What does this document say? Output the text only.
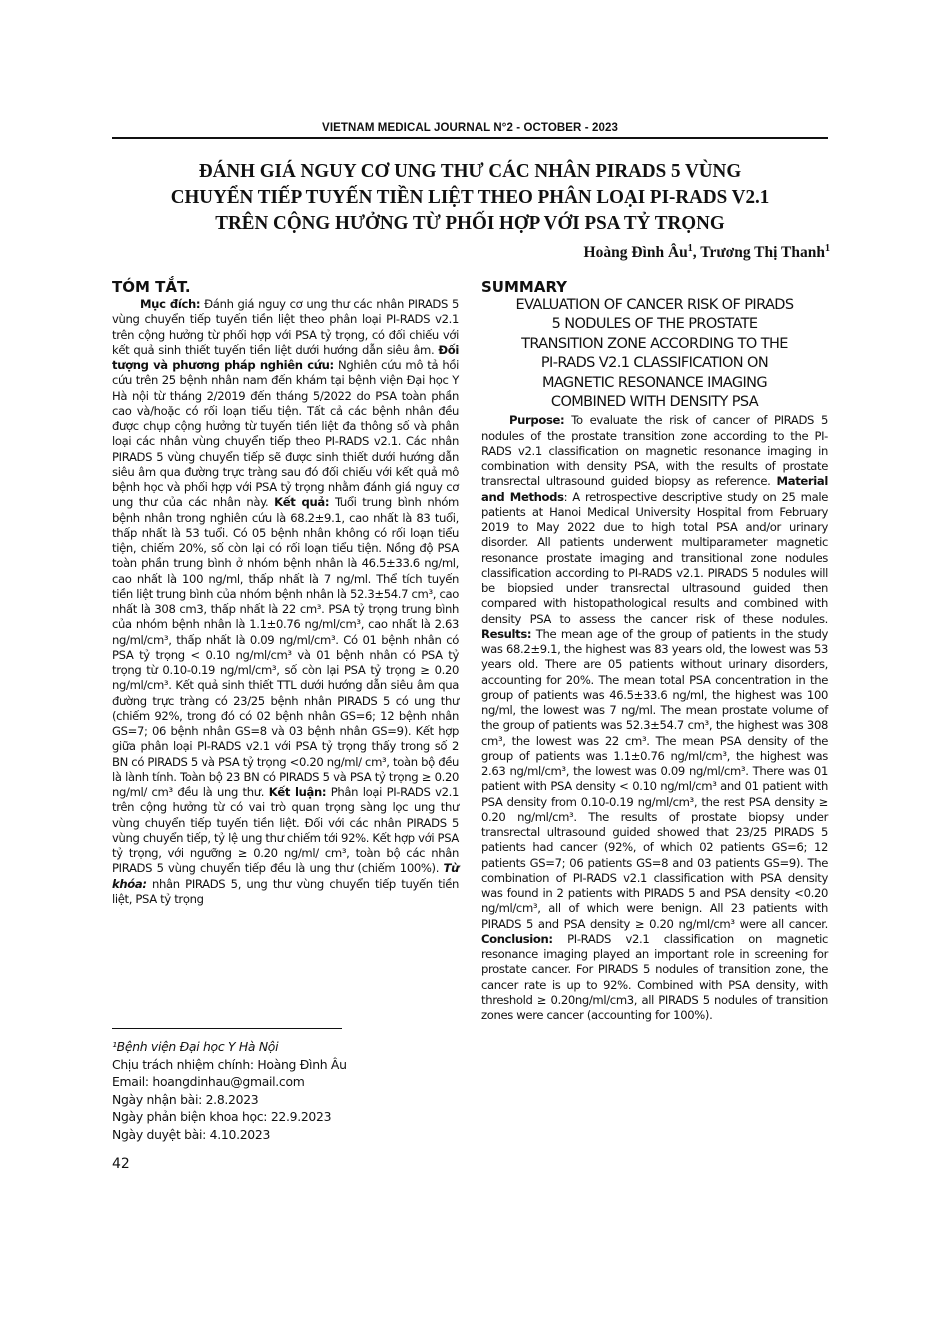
VIETNAM MEDICAL JOURNAL N°2 - OCTOBER - 2023
ĐÁNH GIÁ NGUY CƠ UNG THƯ CÁC NHÂN PIRADS 5 VÙNG
CHUYỂN TIẾP TUYẾN TIỀN LIỆT THEO PHÂN LOẠI PI-RADS V2.1
TRÊN CỘNG HƯỞNG TỪ PHỐI HỢP VỚI PSA TỶ TRỌNG
Hoàng Đình $Âu^1$, Trương Thị Thanh$^1$
TÓM TẮT.

Mục đích: Đánh giá nguy cơ ung thư các nhân PIRADS 5 vùng chuyển tiếp tuyến tiền liệt theo phân loại PI-RADS v2.1 trên cộng hưởng từ phối hợp với PSA tỷ trọng, có đối chiếu với kết quả sinh thiết tuyến tiền liệt dưới hướng dẫn siêu âm. Đối tượng và phương pháp nghiên cứu: Nghiên cứu mô tả hồi cứu trên 25 bệnh nhân nam đến khám tại bệnh viện Đại học Y Hà nội từ tháng 2/2019 đến tháng 5/2022 do PSA toàn phần cao và/hoặc có rối loạn tiểu tiện. Tất cả các bệnh nhân đều được chụp cộng hưởng từ tuyến tiền liệt đa thông số và phân loại các nhân vùng chuyển tiếp theo PI-RADS v2.1. Các nhân PIRADS 5 vùng chuyển tiếp sẽ được sinh thiết dưới hướng dẫn siêu âm qua đường trực tràng sau đó đối chiếu với kết quả mô bệnh học và phối hợp với PSA tỷ trọng nhằm đánh giá nguy cơ ung thư của các nhân này. Kết quả: Tuổi trung bình nhóm bệnh nhân trong nghiên cứu là 68.2±9.1, cao nhất là 83 tuổi, thấp nhất là 53 tuổi. Có 05 bệnh nhân không có rối loạn tiểu tiện, chiếm 20%, số còn lại có rối loạn tiểu tiện. Nồng độ PSA toàn phần trung bình ở nhóm bệnh nhân là 46.5±33.6 ng/ml, cao nhất là 100 ng/ml, thấp nhất là 7 ng/ml. Thể tích tuyến tiền liệt trung bình của nhóm bệnh nhân là 52.3±54.7 cm³, cao nhất là 308 cm3, thấp nhất là 22 cm³. PSA tỷ trọng trung bình của nhóm bệnh nhân là 1.1±0.76 ng/ml/cm³, cao nhất là 2.63 ng/ml/cm³, thấp nhất là 0.09 ng/ml/cm³. Có 01 bệnh nhân có PSA tỷ trọng < 0.10 ng/ml/cm³ và 01 bệnh nhân có PSA tỷ trọng từ 0.10-0.19 ng/ml/cm³, số còn lại PSA tỷ trọng ≥ 0.20 ng/ml/cm³. Kết quả sinh thiết TTL dưới hướng dẫn siêu âm qua đường trực tràng có 23/25 bệnh nhân PIRADS 5 có ung thư (chiếm 92%, trong đó có 02 bệnh nhân GS=6; 12 bệnh nhân GS=7; 06 bệnh nhân GS=8 và 03 bệnh nhân GS=9). Kết hợp giữa phân loại PI-RADS v2.1 với PSA tỷ trọng thấy trong số 2 BN có PIRADS 5 và PSA tỷ trọng <0.20 ng/ml/ cm³, toàn bộ đều là lành tính. Toàn bộ 23 BN có PIRADS 5 và PSA tỷ trọng ≥ 0.20 ng/ml/ cm³ đều là ung thư. Kết luận: Phân loại PI-RADS v2.1 trên cộng hưởng từ có vai trò quan trọng sàng lọc ung thư vùng chuyển tiếp tuyến tiền liệt. Đối với các nhân PIRADS 5 vùng chuyển tiếp, tỷ lệ ung thư chiếm tới 92%. Kết hợp với PSA tỷ trọng, với ngưỡng ≥ 0.20 ng/ml/ cm³, toàn bộ các nhân PIRADS 5 vùng chuyển tiếp đều là ung thư (chiếm 100%). Từ khóa: nhân PIRADS 5, ung thư vùng chuyển tiếp tuyến tiền liệt, PSA tỷ trọng

SUMMARY
EVALUATION OF CANCER RISK OF PIRADS
5 NODULES OF THE PROSTATE
TRANSITION ZONE ACCORDING TO THE
PI-RADS V2.1 CLASSIFICATION ON
MAGNETIC RESONANCE IMAGING
COMBINED WITH DENSITY PSA

Purpose: To evaluate the risk of cancer of PIRADS 5 nodules of the prostate transition zone according to the PI-RADS v2.1 classification on magnetic resonance imaging in combination with density PSA, with the results of prostate transrectal ultrasound guided biopsy as reference. Material and Methods: A retrospective descriptive study on 25 male patients at Hanoi Medical University Hospital from February 2019 to May 2022 due to high total PSA and/or urinary disorder. All patients underwent multiparameter magnetic resonance prostate imaging and transitional zone nodules classification according to PI-RADS v2.1. PIRADS 5 nodules will be biopsied under transrectal ultrasound guided then compared with histopathological results and combined with density PSA to assess the cancer risk of these nodules. Results: The mean age of the group of patients in the study was 68.2±9.1, the highest was 83 years old, the lowest was 53 years old. There are 05 patients without urinary disorders, accounting for 20%. The mean total PSA concentration in the group of patients was 46.5±33.6 ng/ml, the highest was 100 ng/ml, the lowest was 7 ng/ml. The mean prostate volume of the group of patients was 52.3±54.7 cm³, the highest was 308 cm³, the lowest was 22 cm³. The mean PSA density of the group of patients was 1.1±0.76 ng/ml/cm³, the highest was 2.63 ng/ml/cm³, the lowest was 0.09 ng/ml/cm³. There was 01 patient with PSA density < 0.10 ng/ml/cm³ and 01 patient with PSA density from 0.10-0.19 ng/ml/cm³, the rest PSA density ≥ 0.20 ng/ml/cm³. The results of prostate biopsy under transrectal ultrasound guided showed that 23/25 PIRADS 5 patients had cancer (92%, of which 02 patients GS=6; 12 patients GS=7; 06 patients GS=8 and 03 patients GS=9). The combination of PI-RADS v2.1 classification with PSA density was found in 2 patients with PIRADS 5 and PSA density <0.20 ng/ml/cm³, all of which were benign. All 23 patients with PIRADS 5 and PSA density ≥ 0.20 ng/ml/cm³ were all cancer. Conclusion: PI-RADS v2.1 classification on magnetic resonance imaging played an important role in screening for prostate cancer. For PIRADS 5 nodules of transition zone, the cancer rate is up to 92%. Combined with PSA density, with threshold ≥ 0.20ng/ml/cm3, all PIRADS 5 nodules of transition zones were cancer (accounting for 100%).

¹Bệnh viện Đại học Y Hà Nội
Chịu trách nhiệm chính: Hoàng Đình Âu
Email: hoangdinhau@gmail.com
Ngày nhận bài: 2.8.2023
Ngày phản biện khoa học: 22.9.2023
Ngày duyệt bài: 4.10.2023
42
